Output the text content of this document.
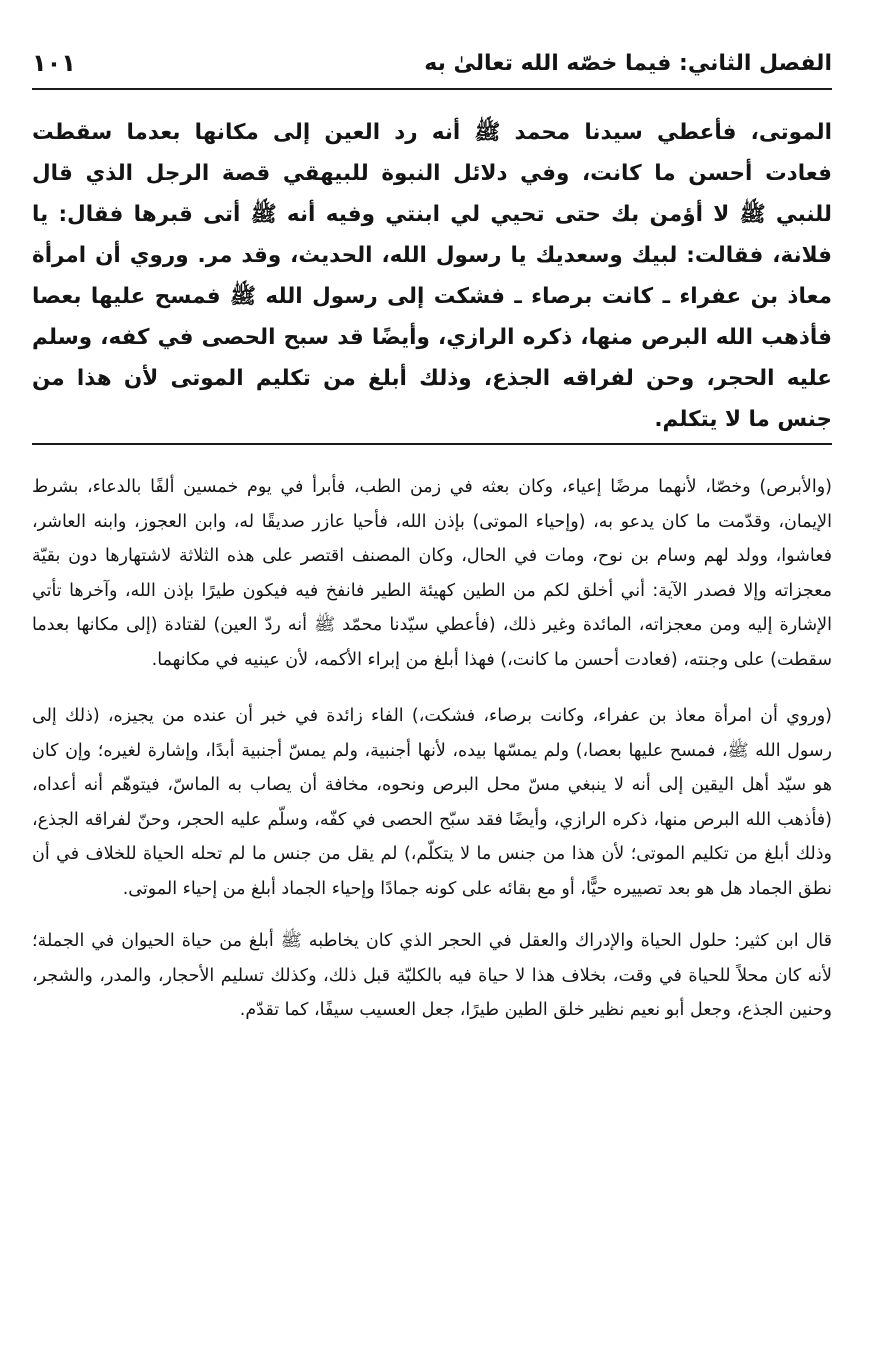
الفصل الثاني: فيما خصّه الله تعالىٰ به
١٠١
الموتى، فأعطي سيدنا محمد ﷺ أنه رد العين إلى مكانها بعدما سقطت فعادت أحسن ما كانت، وفي دلائل النبوة للبيهقي قصة الرجل الذي قال للنبي ﷺ لا أؤمن بك حتى تحيي لي ابنتي وفيه أنه ﷺ أتى قبرها فقال: يا فلانة، فقالت: لبيك وسعديك يا رسول الله، الحديث، وقد مر. وروي أن امرأة معاذ بن عفراء ـ كانت برصاء ـ فشكت إلى رسول الله ﷺ فمسح عليها بعصا فأذهب الله البرص منها، ذكره الرازي، وأيضًا قد سبح الحصى في كفه، وسلم عليه الحجر، وحن لفراقه الجذع، وذلك أبلغ من تكليم الموتى لأن هذا من جنس ما لا يتكلم.

(والأبرص) وخصّا، لأنهما مرضًا إعياء، وكان بعثه في زمن الطب، فأبرأ في يوم خمسين ألفًا بالدعاء، بشرط الإيمان، وقدّمت ما كان يدعو به، (وإحياء الموتى) بإذن الله، فأحيا عازر صديقًا له، وابن العجوز، وابنه العاشر، فعاشوا، وولد لهم وسام بن نوح، ومات في الحال، وكان المصنف اقتصر على هذه الثلاثة لاشتهارها دون بقيّة معجزاته وإلا فصدر الآية: أني أخلق لكم من الطين كهيئة الطير فانفخ فيه فيكون طيرًا بإذن الله، وآخرها تأتي الإشارة إليه ومن معجزاته، المائدة وغير ذلك، (فأعطي سيّدنا محمّد ﷺ أنه ردّ العين) لقتادة (إلى مكانها بعدما سقطت) على وجنته، (فعادت أحسن ما كانت،) فهذا أبلغ من إبراء الأكمه، لأن عينيه في مكانهما.

(وروي أن امرأة معاذ بن عفراء، وكانت برصاء، فشكت،) الفاء زائدة في خبر أن عنده من يجيزه، (ذلك إلى رسول الله ﷺ، فمسح عليها بعصا،) ولم يمسّها بيده، لأنها أجنبية، ولم يمسّ أجنبية أبدًا، وإشارة لغيره؛ وإن كان هو سيّد أهل اليقين إلى أنه لا ينبغي مسّ محل البرص ونحوه، مخافة أن يصاب به الماسّ، فيتوهّم أنه أعداه، (فأذهب الله البرص منها، ذكره الرازي، وأيضًا فقد سبّح الحصى في كفّه، وسلّم عليه الحجر، وحنّ لفراقه الجذع، وذلك أبلغ من تكليم الموتى؛ لأن هذا من جنس ما لا يتكلّم،) لم يقل من جنس ما لم تحله الحياة للخلاف في أن نطق الجماد هل هو بعد تصييره حيًّا، أو مع بقائه على كونه جمادًا وإحياء الجماد أبلغ من إحياء الموتى.

قال ابن كثير: حلول الحياة والإدراك والعقل في الحجر الذي كان يخاطبه ﷺ أبلغ من حياة الحيوان في الجملة؛ لأنه كان محلاً للحياة في وقت، بخلاف هذا لا حياة فيه بالكليّة قبل ذلك، وكذلك تسليم الأحجار، والمدر، والشجر، وحنين الجذع، وجعل أبو نعيم نظير خلق الطين طيرًا، جعل العسيب سيفًا، كما تقدّم.
